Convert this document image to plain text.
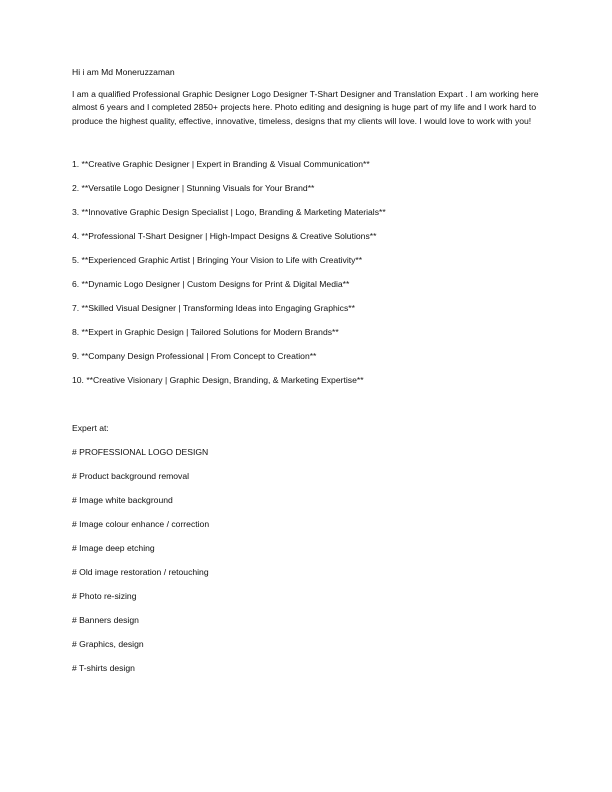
Hi i am Md Moneruzzaman

I am a qualified Professional Graphic Designer Logo Designer T-Shart Designer and Translation Expart . I am working here almost 6 years and I completed 2850+ projects here. Photo editing and designing is huge part of my life and I work hard to produce the highest quality, effective, innovative, timeless, designs that my clients will love. I would love to work with you!

1. **Creative Graphic Designer | Expert in Branding & Visual Communication**
2. **Versatile Logo Designer | Stunning Visuals for Your Brand**
3. **Innovative Graphic Design Specialist | Logo, Branding & Marketing Materials**
4. **Professional T-Shart Designer | High-Impact Designs & Creative Solutions**
5. **Experienced Graphic Artist | Bringing Your Vision to Life with Creativity**
6. **Dynamic Logo Designer | Custom Designs for Print & Digital Media**
7. **Skilled Visual Designer | Transforming Ideas into Engaging Graphics**
8. **Expert in Graphic Design | Tailored Solutions for Modern Brands**
9. **Company Design Professional | From Concept to Creation**
10. **Creative Visionary | Graphic Design, Branding, & Marketing Expertise**

Expert at:

# PROFESSIONAL LOGO DESIGN
# Product background removal
# Image white background
# Image colour enhance / correction
# Image deep etching
# Old image restoration / retouching
# Photo re-sizing
# Banners design
# Graphics, design
# T-shirts design
